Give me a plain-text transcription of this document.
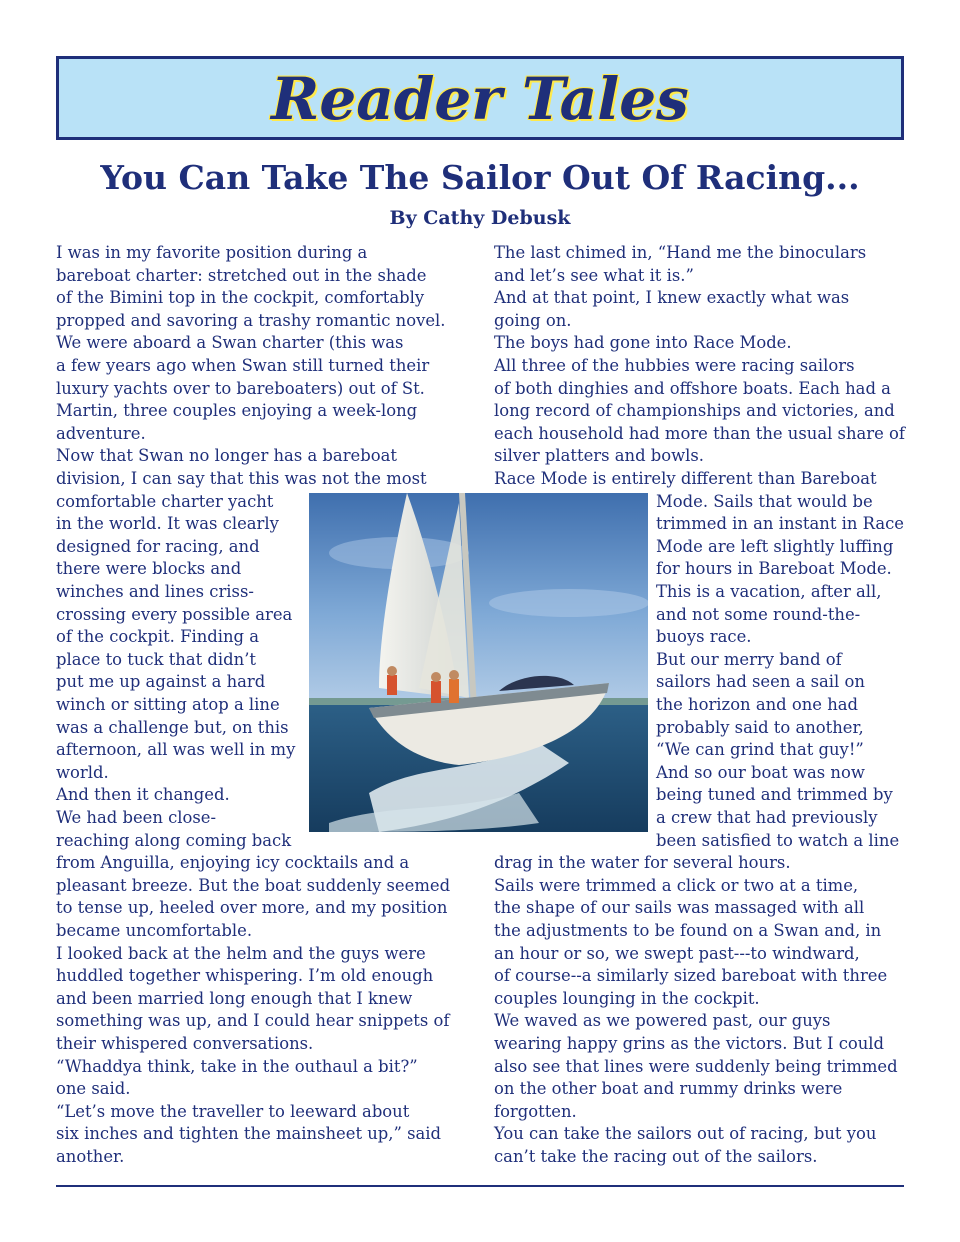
Reader Tales
You Can Take The Sailor Out Of Racing...
By Cathy Debusk
I was in my favorite position during a
bareboat charter: stretched out in the shade
of the Bimini top in the cockpit, comfortably
propped and savoring a trashy romantic novel.
We were aboard a Swan charter (this was
a few years ago when Swan still turned their
luxury yachts over to bareboaters) out of St.
Martin, three couples enjoying a week-long
adventure.
Now that Swan no longer has a bareboat
division, I can say that this was not the most
comfortable charter yacht
in the world. It was clearly
designed for racing, and
there were blocks and
winches and lines criss-
crossing every possible area
of the cockpit. Finding a
place to tuck that didn’t
put me up against a hard
winch or sitting atop a line
was a challenge but, on this
afternoon, all was well in my
world.
And then it changed.
We had been close-
reaching along coming back
from Anguilla, enjoying icy cocktails and a
pleasant breeze. But the boat suddenly seemed
to tense up, heeled over more, and my position
became uncomfortable.
I looked back at the helm and the guys were
huddled together whispering. I’m old enough
and been married long enough that I knew
something was up, and I could hear snippets of
their whispered conversations.
“Whaddya think, take in the outhaul a bit?”
one said.
“Let’s move the traveller to leeward about
six inches and tighten the mainsheet up,” said
another.
The last chimed in, “Hand me the binoculars
and let’s see what it is.”
And at that point, I knew exactly what was
going on.
The boys had gone into Race Mode.
All three of the hubbies were racing sailors
of both dinghies and offshore boats. Each had a
long record of championships and victories, and
each household had more than the usual share of
silver platters and bowls.
Race Mode is entirely different than Bareboat
Mode. Sails that would be
trimmed in an instant in Race
Mode are left slightly luffing
for hours in Bareboat Mode.
This is a vacation, after all,
and not some round-the-
buoys race.
But our merry band of
sailors had seen a sail on
the horizon and one had
probably said to another,
“We can grind that guy!”
And so our boat was now
being tuned and trimmed by
a crew that had previously
been satisfied to watch a line
drag in the water for several hours.
Sails were trimmed a click or two at a time,
the shape of our sails was massaged with all
the adjustments to be found on a Swan and, in
an hour or so, we swept past---to windward,
of course--a similarly sized bareboat with three
couples lounging in the cockpit.
We waved as we powered past, our guys
wearing happy grins as the victors. But I could
also see that lines were suddenly being trimmed
on the other boat and rummy drinks were
forgotten.
You can take the sailors out of racing, but you
can’t take the racing out of the sailors.
